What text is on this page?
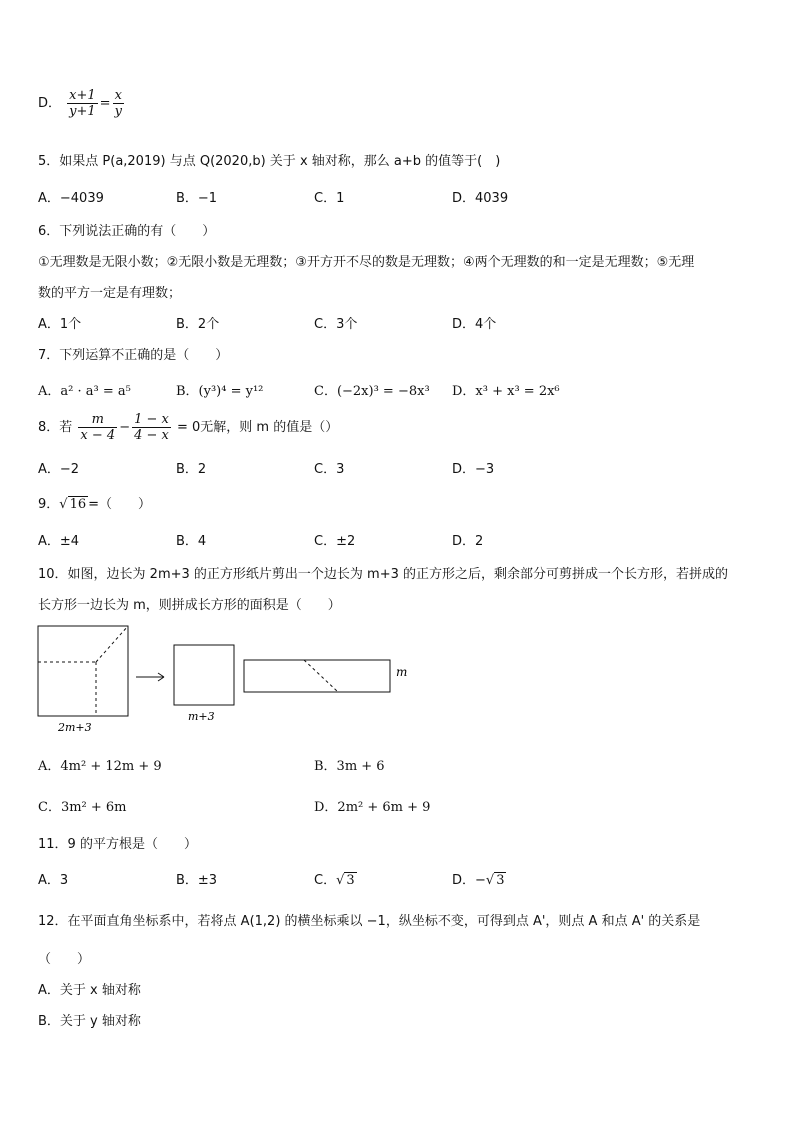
D． $\frac{x+1}{y+1} = \frac{x}{y}$
5．如果点 P(a,2019) 与点 Q(2020,b) 关于 x 轴对称，那么 a+b 的值等于(　)
A．−4039	B．−1	C．1	D．4039
6．下列说法正确的有（　　）
①无理数是无限小数；②无限小数是无理数；③开方开不尽的数是无理数；④两个无理数的和一定是无理数；⑤无理
数的平方一定是有理数；
A．1个	B．2个	C．3个	D．4个
7．下列运算不正确的是（　　）
A．a² · a³ = a⁵	B．(y³)⁴ = y¹²	C．(−2x)³ = −8x³ D．x³ + x³ = 2x⁶
8．若 $\frac{m}{x - 4} - \frac{1 - x}{4 - x} = 0$无解，则 m 的值是（）
A．−2	B．2	C．3	D．−3
9．√ 16 =（　　）
A．±4	B．4	C．±2	D．2
10．如图，边长为 2m+3 的正方形纸片剪出一个边长为 m+3 的正方形之后，剩余部分可剪拼成一个长方形，若拼成的
长方形一边长为 m，则拼成长方形的面积是（　　）
2m+3
m+3
m
A．4m² + 12m + 9	B．3m + 6
C．3m² + 6m	D．2m² + 6m + 9
11．9 的平方根是（　　）
A．3	B．±3	C．√ 3	D．−√ 3
12．在平面直角坐标系中，若将点 A(1,2) 的横坐标乘以 −1，纵坐标不变，可得到点 A'，则点 A 和点 A' 的关系是
（　　）
A．关于 x 轴对称
B．关于 y 轴对称
